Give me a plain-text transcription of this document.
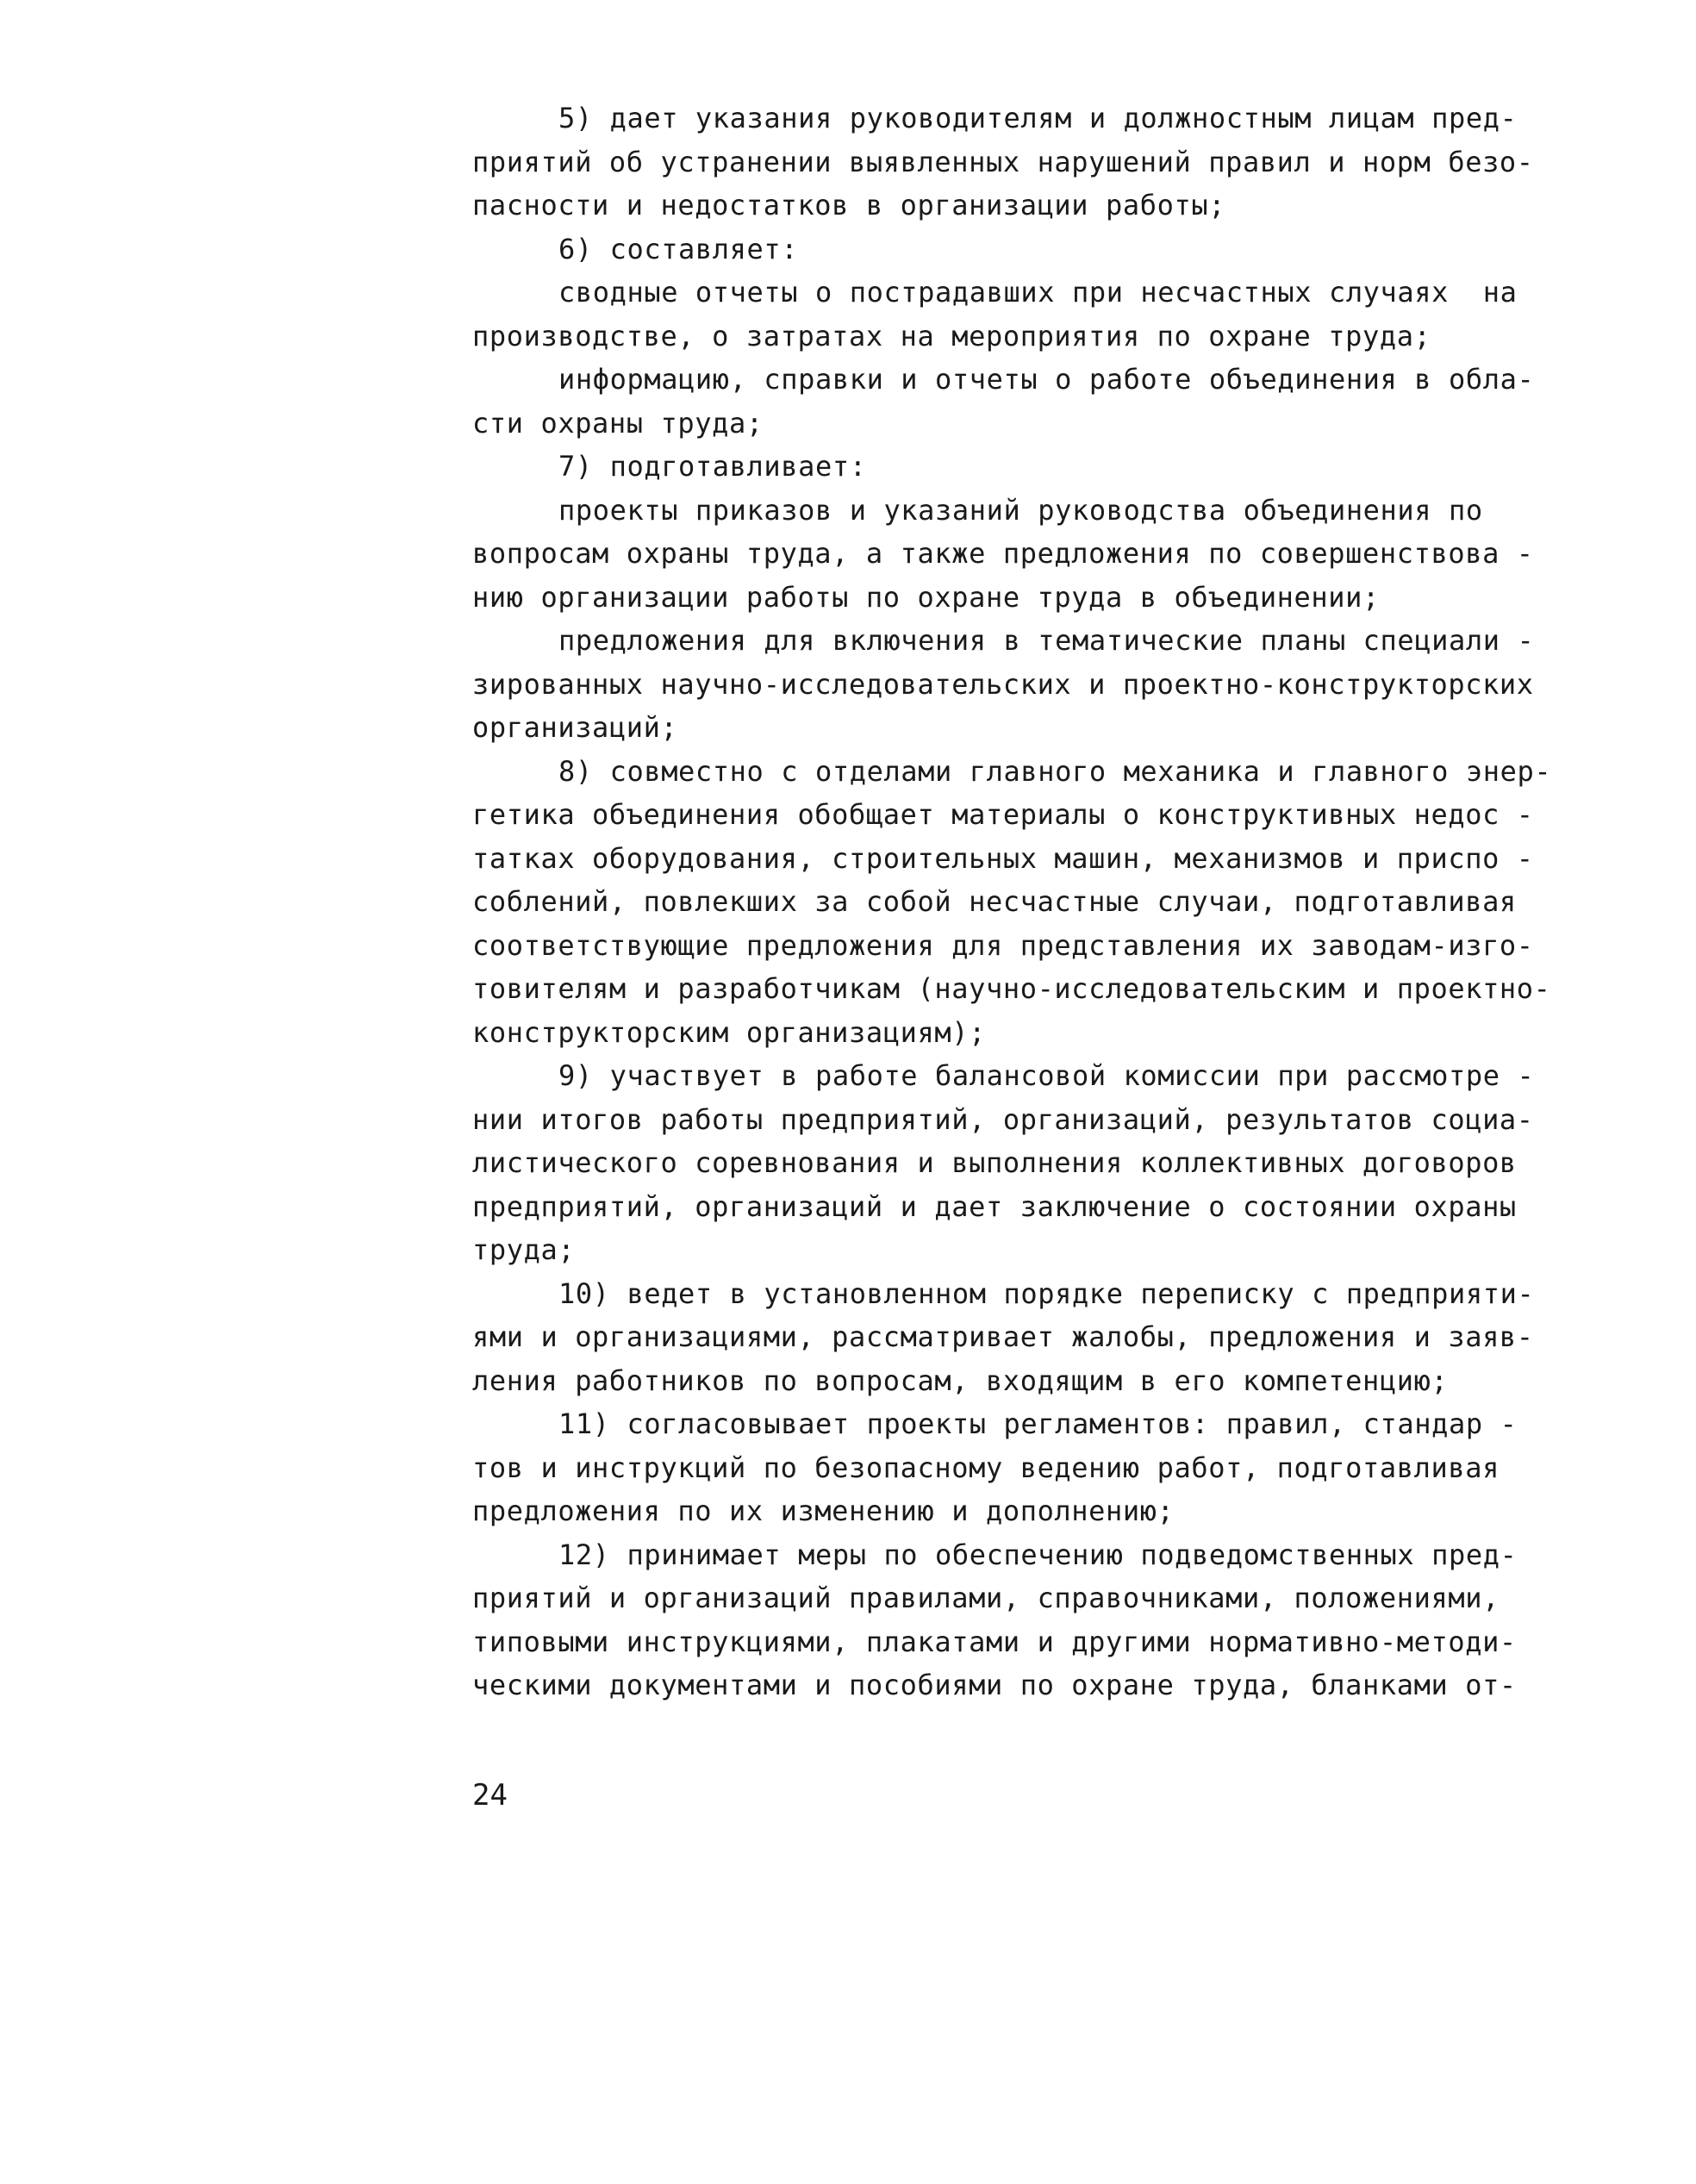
5) дает указания руководителям и должностным лицам пред-
приятий об устранении выявленных нарушений правил и норм безо-
пасности и недостатков в организации работы;
6) составляет:
сводные отчеты о пострадавших при несчастных случаях  на
производстве, о затратах на мероприятия по охране труда;
информацию, справки и отчеты о работе объединения в обла-
сти охраны труда;
7) подготавливает:
проекты приказов и указаний руководства объединения по
вопросам охраны труда, а также предложения по совершенствова -
нию организации работы по охране труда в объединении;
предложения для включения в тематические планы специали -
зированных научно-исследовательских и проектно-конструкторских
организаций;
8) совместно с отделами главного механика и главного энер-
гетика объединения обобщает материалы о конструктивных недос -
татках оборудования, строительных машин, механизмов и приспо -
соблений, повлекших за собой несчастные случаи, подготавливая
соответствующие предложения для представления их заводам-изго-
товителям и разработчикам (научно-исследовательским и проектно-
конструкторским организациям);
9) участвует в работе балансовой комиссии при рассмотре -
нии итогов работы предприятий, организаций, результатов социа-
листического соревнования и выполнения коллективных договоров
предприятий, организаций и дает заключение о состоянии охраны
труда;
10) ведет в установленном порядке переписку с предприяти-
ями и организациями, рассматривает жалобы, предложения и заяв-
ления работников по вопросам, входящим в его компетенцию;
11) согласовывает проекты регламентов: правил, стандар -
тов и инструкций по безопасному ведению работ, подготавливая
предложения по их изменению и дополнению;
12) принимает меры по обеспечению подведомственных пред-
приятий и организаций правилами, справочниками, положениями,
типовыми инструкциями, плакатами и другими нормативно-методи-
ческими документами и пособиями по охране труда, бланками от-
24
